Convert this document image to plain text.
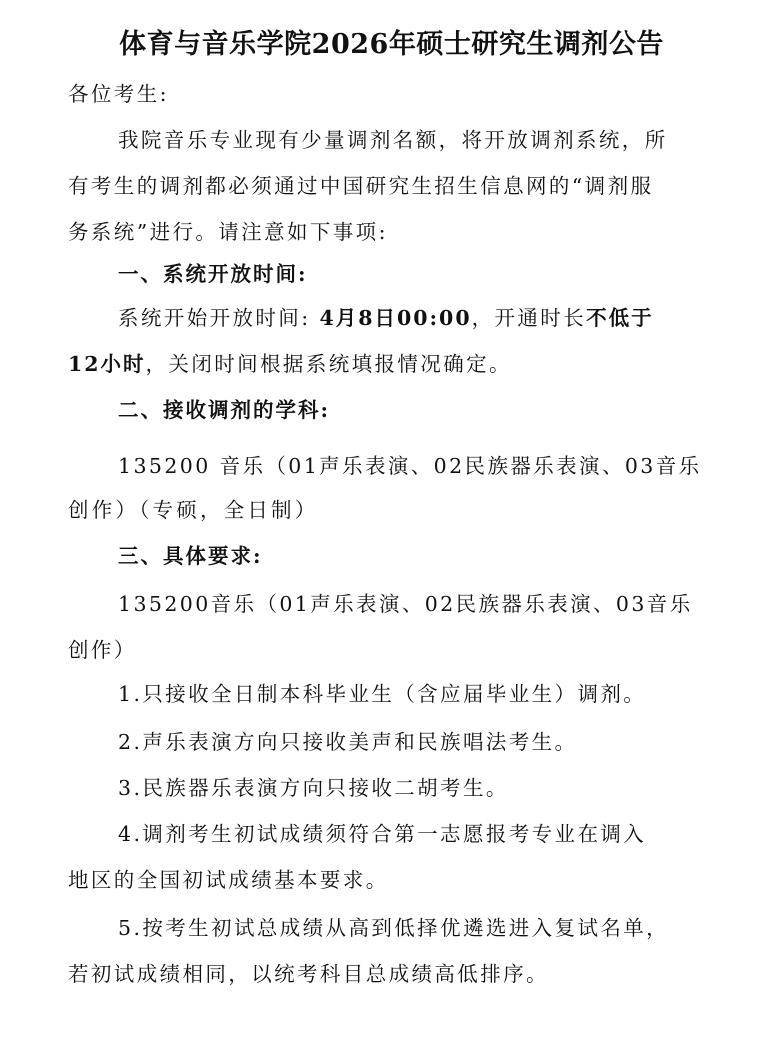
体育与音乐学院2026年硕士研究生调剂公告
各位考生:
我院音乐专业现有少量调剂名额，将开放调剂系统，所
有考生的调剂都必须通过中国研究生招生信息网的“调剂服
务系统”进行。请注意如下事项:
一、系统开放时间:
系统开始开放时间: 4月8日00:00，开通时长不低于
12小时，关闭时间根据系统填报情况确定。
二、接收调剂的学科:
135200 音乐（01声乐表演、02民族器乐表演、03音乐
创作）（专硕，全日制）
三、具体要求:
135200音乐（01声乐表演、02民族器乐表演、03音乐
创作）
1.只接收全日制本科毕业生（含应届毕业生）调剂。
2.声乐表演方向只接收美声和民族唱法考生。
3.民族器乐表演方向只接收二胡考生。
4.调剂考生初试成绩须符合第一志愿报考专业在调入
地区的全国初试成绩基本要求。
5.按考生初试总成绩从高到低择优遴选进入复试名单，
若初试成绩相同，以统考科目总成绩高低排序。
